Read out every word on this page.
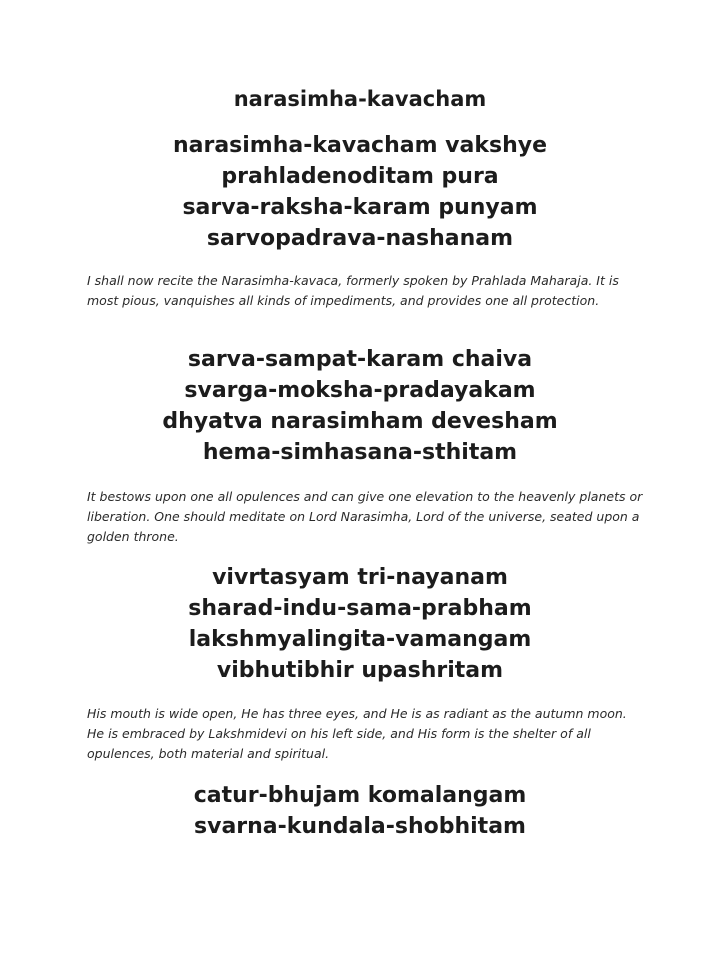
narasimha-kavacham
narasimha-kavacham vakshye
prahladenoditam pura
sarva-raksha-karam punyam
sarvopadrava-nashanam

I shall now recite the Narasimha-kavaca, formerly spoken by Prahlada Maharaja. It is most pious, vanquishes all kinds of impediments, and provides one all protection.

sarva-sampat-karam chaiva
svarga-moksha-pradayakam
dhyatva narasimham devesham
hema-simhasana-sthitam

It bestows upon one all opulences and can give one elevation to the heavenly planets or liberation. One should meditate on Lord Narasimha, Lord of the universe, seated upon a golden throne.

vivrtasyam tri-nayanam
sharad-indu-sama-prabham
lakshmyalingita-vamangam
vibhutibhir upashritam

His mouth is wide open, He has three eyes, and He is as radiant as the autumn moon. He is embraced by Lakshmidevi on his left side, and His form is the shelter of all opulences, both material and spiritual.

catur-bhujam komalangam
svarna-kundala-shobhitam
